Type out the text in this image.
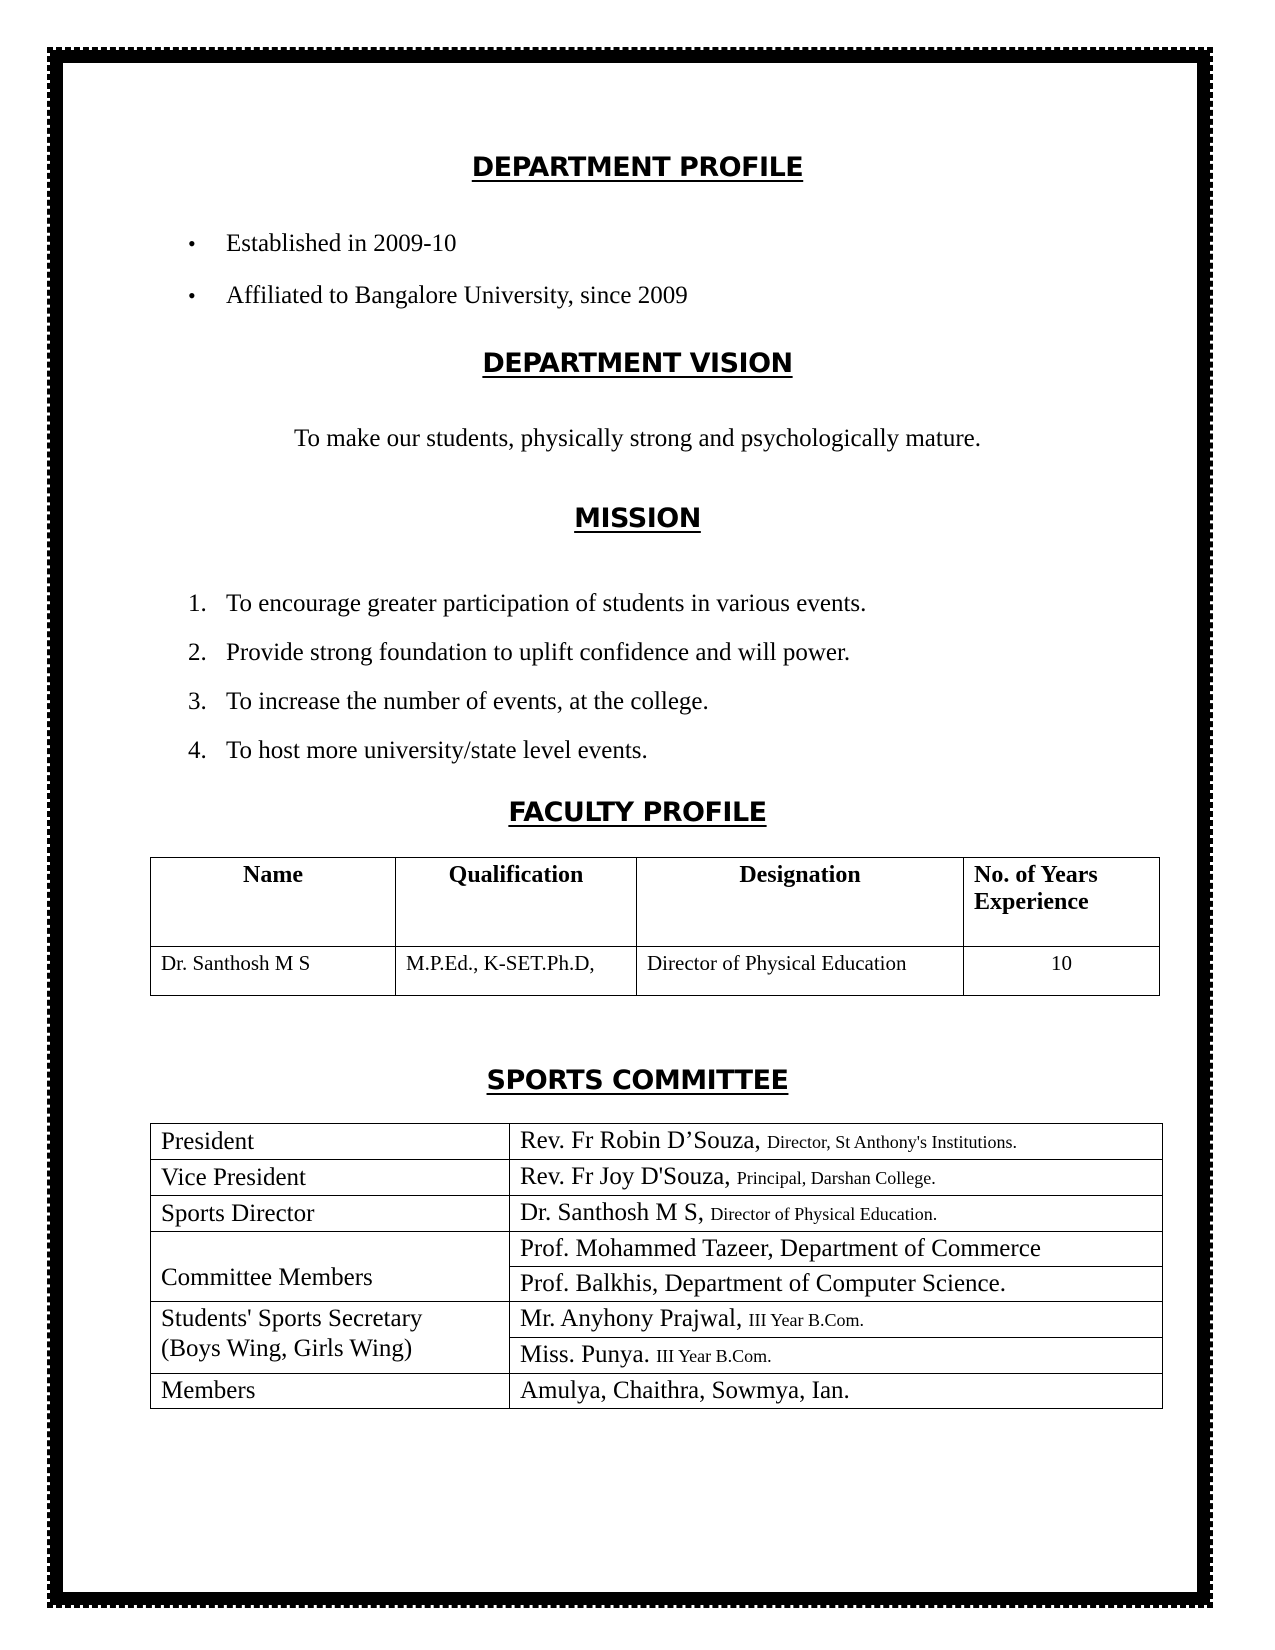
DEPARTMENT PROFILE
• Established in 2009-10
• Affiliated to Bangalore University, since 2009
DEPARTMENT VISION
To make our students, physically strong and psychologically mature.
MISSION
1. To encourage greater participation of students in various events.
2. Provide strong foundation to uplift confidence and will power.
3. To increase the number of events, at the college.
4. To host more university/state level events.
FACULTY PROFILE
Name	Qualification	Designation	No. of Years Experience
Dr. Santhosh M S	M.P.Ed., K-SET.Ph.D,	Director of Physical Education	10
SPORTS COMMITTEE
President	Rev. Fr Robin D’Souza, Director, St Anthony's Institutions.
Vice President	Rev. Fr Joy D'Souza, Principal, Darshan College.
Sports Director	Dr. Santhosh M S, Director of Physical Education.
Committee Members	Prof. Mohammed Tazeer, Department of Commerce
	Prof. Balkhis, Department of Computer Science.

Students' Sports Secretary
(Boys Wing, Girls Wing)	Mr. Anyhony Prajwal, III Year B.Com.
	Miss. Punya. III Year B.Com.
Members	Amulya, Chaithra, Sowmya, Ian.
